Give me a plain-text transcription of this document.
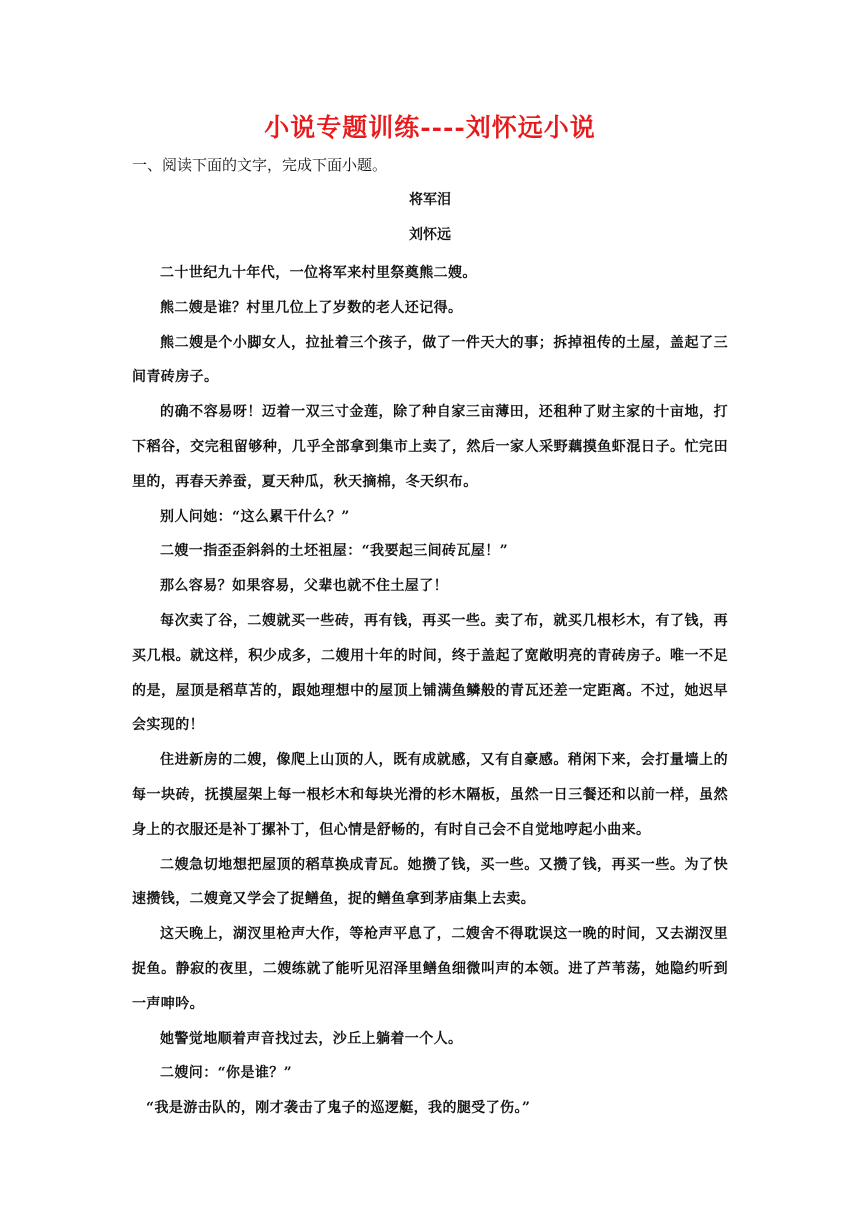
小说专题训练----刘怀远小说
一、阅读下面的文字，完成下面小题。
将军泪
刘怀远

二十世纪九十年代，一位将军来村里祭奠熊二嫂。

熊二嫂是谁？村里几位上了岁数的老人还记得。

熊二嫂是个小脚女人，拉扯着三个孩子，做了一件天大的事；拆掉祖传的土屋，盖起了三间青砖房子。

的确不容易呀！迈着一双三寸金莲，除了种自家三亩薄田，还租种了财主家的十亩地，打下稻谷，交完租留够种，几乎全部拿到集市上卖了，然后一家人采野藕摸鱼虾混日子。忙完田里的，再春天养蚕，夏天种瓜，秋天摘棉，冬天织布。

别人问她：“这么累干什么？”

二嫂一指歪歪斜斜的土坯祖屋：“我要起三间砖瓦屋！”

那么容易？如果容易，父辈也就不住土屋了！

每次卖了谷，二嫂就买一些砖，再有钱，再买一些。卖了布，就买几根杉木，有了钱，再买几根。就这样，积少成多，二嫂用十年的时间，终于盖起了宽敞明亮的青砖房子。唯一不足的是，屋顶是稻草苫的，跟她理想中的屋顶上铺满鱼鳞般的青瓦还差一定距离。不过，她迟早会实现的！

住进新房的二嫂，像爬上山顶的人，既有成就感，又有自豪感。稍闲下来，会打量墙上的每一块砖，抚摸屋架上每一根杉木和每块光滑的杉木隔板，虽然一日三餐还和以前一样，虽然身上的衣服还是补丁摞补丁，但心情是舒畅的，有时自己会不自觉地哼起小曲来。

二嫂急切地想把屋顶的稻草换成青瓦。她攒了钱，买一些。又攒了钱，再买一些。为了快速攒钱，二嫂竟又学会了捉鳝鱼，捉的鳝鱼拿到茅庙集上去卖。

这天晚上，湖汊里枪声大作，等枪声平息了，二嫂舍不得耽误这一晚的时间，又去湖汊里捉鱼。静寂的夜里，二嫂练就了能听见沼泽里鳝鱼细微叫声的本领。进了芦苇荡，她隐约听到一声呻吟。

她警觉地顺着声音找过去，沙丘上躺着一个人。

二嫂问：“你是谁？”

“我是游击队的，刚才袭击了鬼子的巡逻艇，我的腿受了伤。”
